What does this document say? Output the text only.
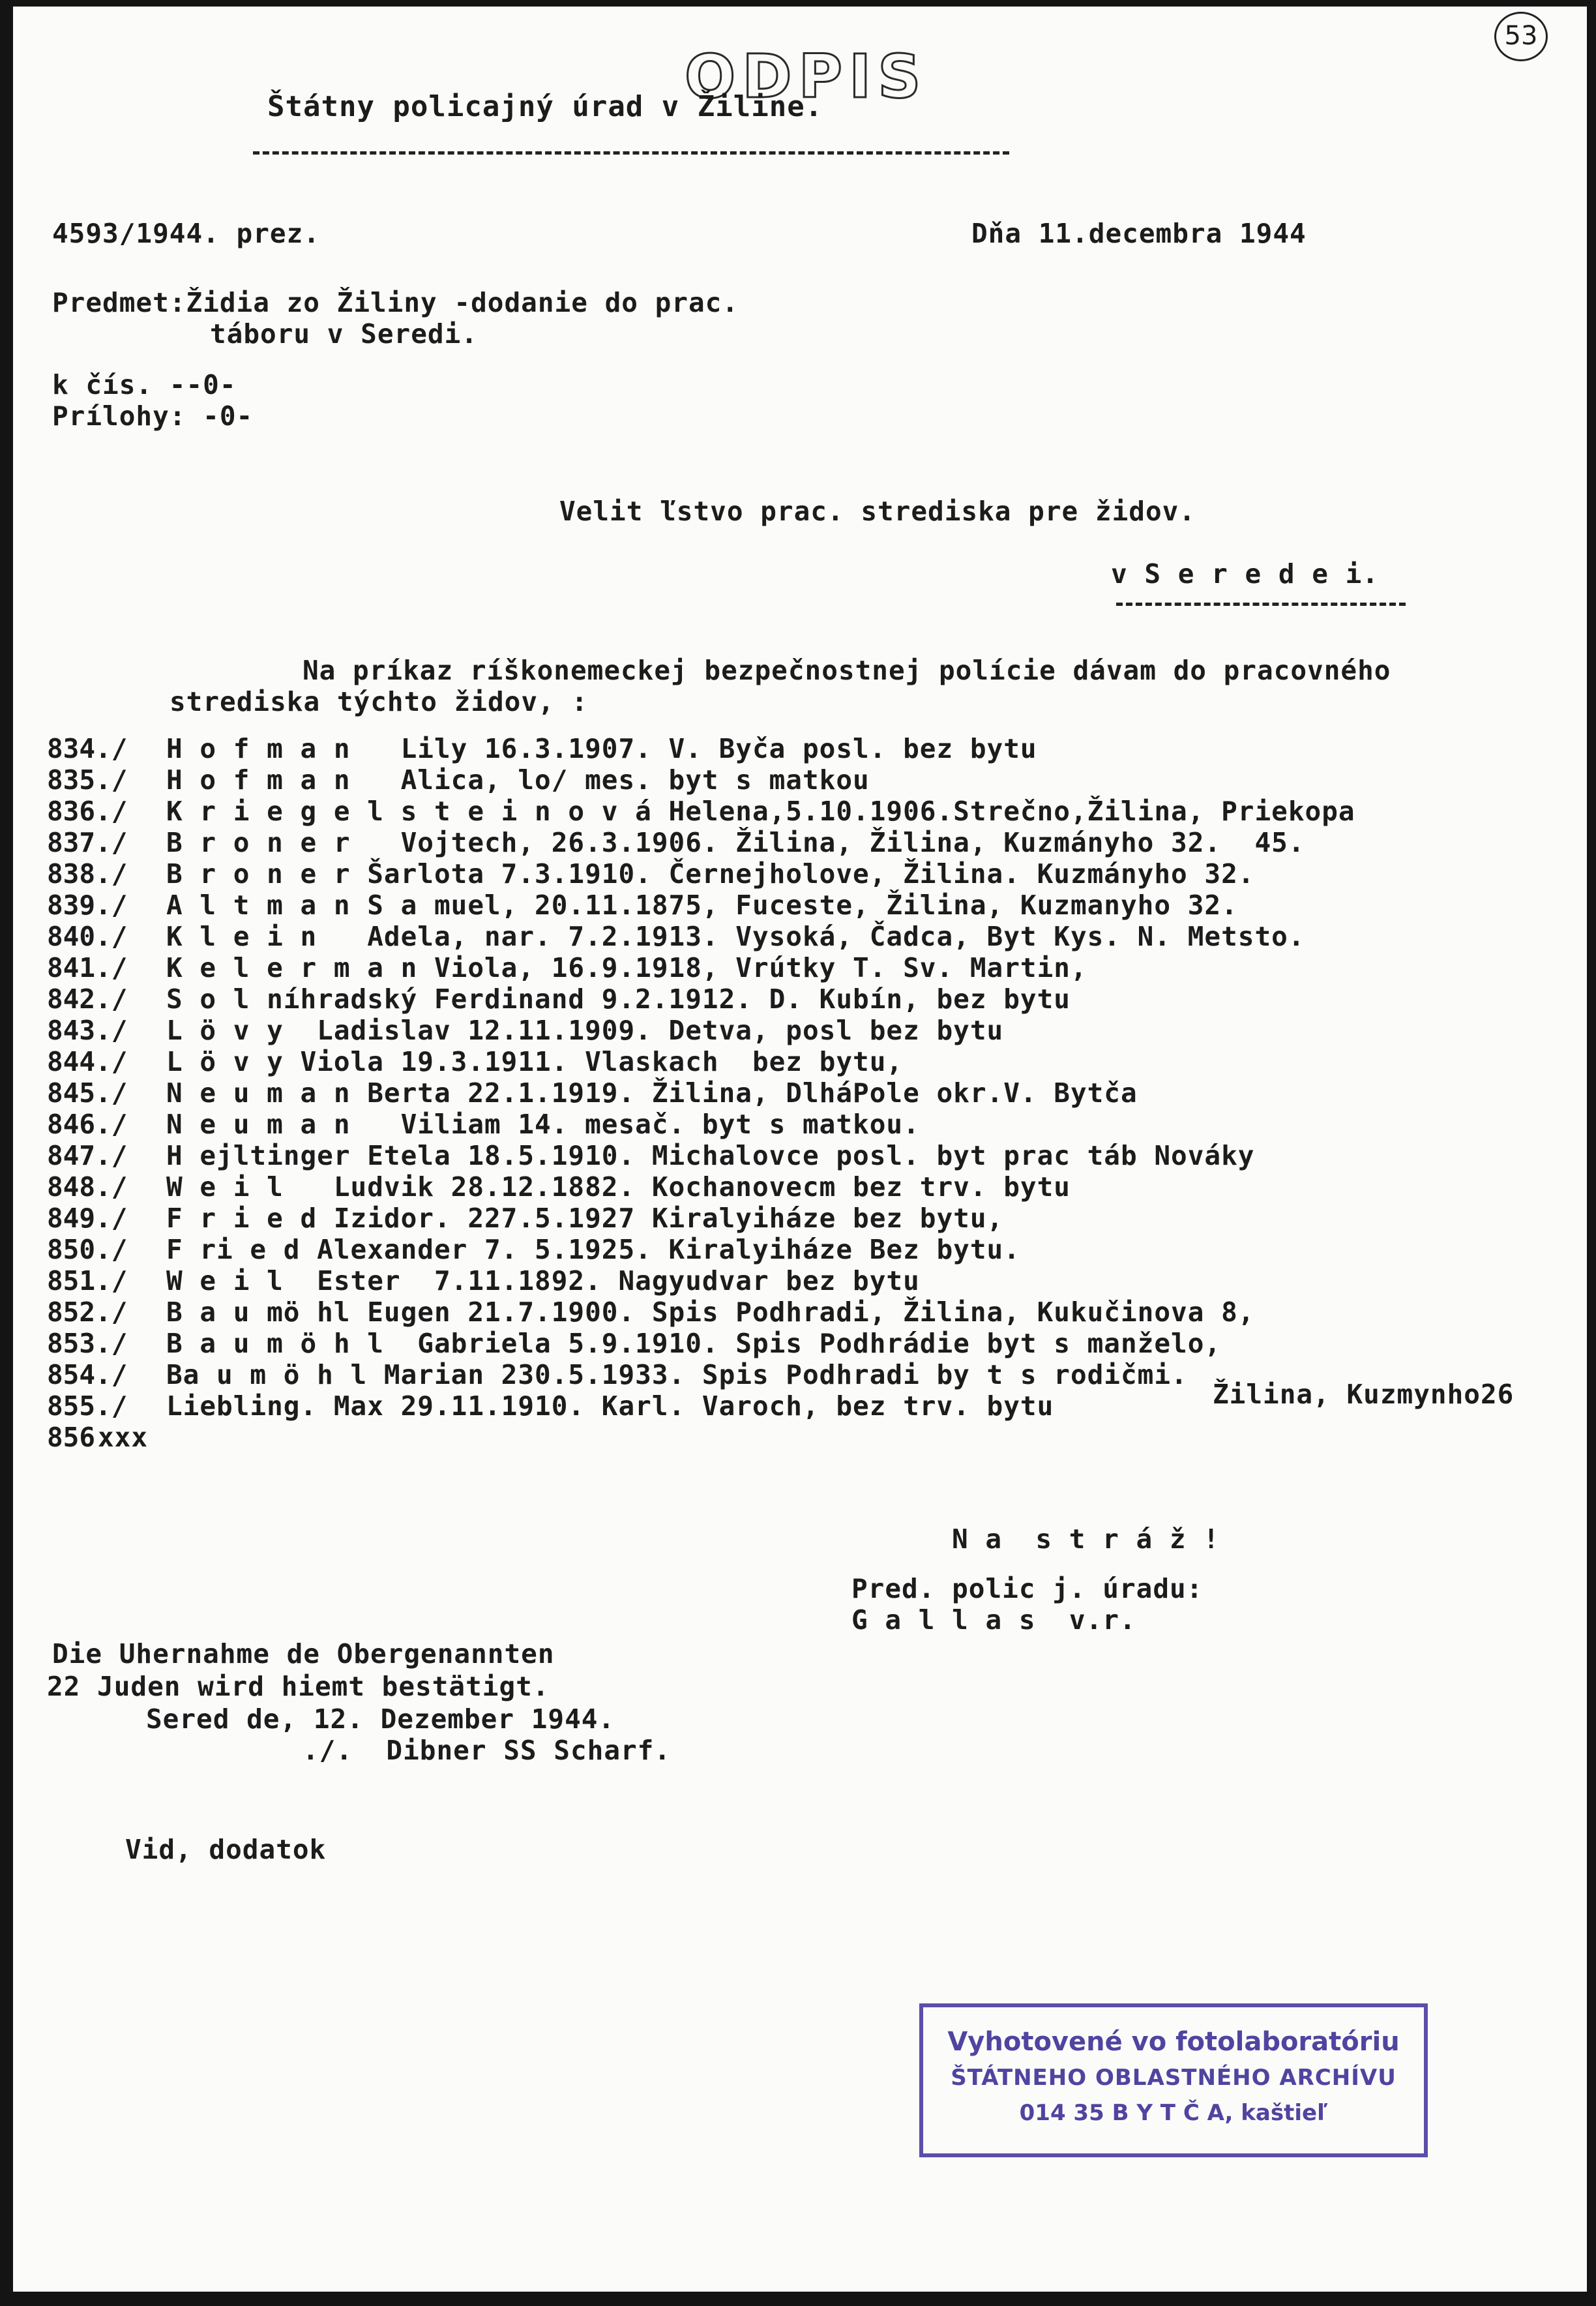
ODPIS
53
Štátny policajný úrad v Žiline.
4593/1944. prez.	Dňa 11.decembra 1944
Predmet:Židia zo Žiliny -dodanie do prac.
táboru v Seredi.
k čís. --0-
Prílohy: -0-
Velit ľstvo prac. strediska pre židov.
v S e r e d e i.
Na príkaz ríškonemeckej bezpečnostnej polície dávam do pracovného
strediska týchto židov, :
834./ H o f m a n   Lily 16.3.1907. V. Byča posl. bez bytu
835./ H o f m a n   Alica, lo/ mes. byt s matkou
836./ K r i e g e l s t e i n o v á Helena,5.10.1906.Strečno,Žilina, Priekopa
837./ B r o n e r   Vojtech, 26.3.1906. Žilina, Žilina, Kuzmányho 32.  45.
838./ B r o n e r Šarlota 7.3.1910. Černejholove, Žilina. Kuzmányho 32.
839./ A l t m a n S a muel, 20.11.1875, Fuceste, Žilina, Kuzmanyho 32.
840./ K l e i n   Adela, nar. 7.2.1913. Vysoká, Čadca, Byt Kys. N. Metsto.
841./ K e l e r m a n Viola, 16.9.1918, Vrútky T. Sv. Martin,
842./ S o l níhradský Ferdinand 9.2.1912. D. Kubín, bez bytu
843./ L ö v y  Ladislav 12.11.1909. Detva, posl bez bytu
844./ L ö v y Viola 19.3.1911. Vlaskach  bez bytu,
845./ N e u m a n Berta 22.1.1919. Žilina, DlháPole okr.V. Bytča
846./ N e u m a n   Viliam 14. mesač. byt s matkou.
847./ H ejltinger Etela 18.5.1910. Michalovce posl. byt prac táb Nováky
848./ W e i l   Ludvik 28.12.1882. Kochanovecm bez trv. bytu
849./ F r i e d Izidor. 227.5.1927 Kiralyiháze bez bytu,
850./ F ri e d Alexander 7. 5.1925. Kiralyiháze Bez bytu.
851./ W e i l  Ester  7.11.1892. Nagyudvar bez bytu
852./ B a u mö hl Eugen 21.7.1900. Spis Podhradi, Žilina, Kukučinova 8,
853./ B a u m ö h l  Gabriela 5.9.1910. Spis Podhrádie byt s manželo,
854./ Ba u m ö h l Marian 230.5.1933. Spis Podhradi by t s rodičmi.
855./ Liebling. Max 29.11.1910. Karl. Varoch, bez trv. bytu
856 xxx
Žilina, Kuzmynho26
N a  s t r á ž !
Pred. polic j. úradu:
G a l l a s  v.r.
Die Uhernahme de Obergenannten
22 Juden wird hiemt bestätigt.
Sered de, 12. Dezember 1944.
./.  Dibner SS Scharf.
Vid, dodatok
Vyhotovené vo fotolaboratóriu
ŠTÁTNEHO OBLASTNÉHO ARCHÍVU
014 35 B Y T Č A, kaštieľ
